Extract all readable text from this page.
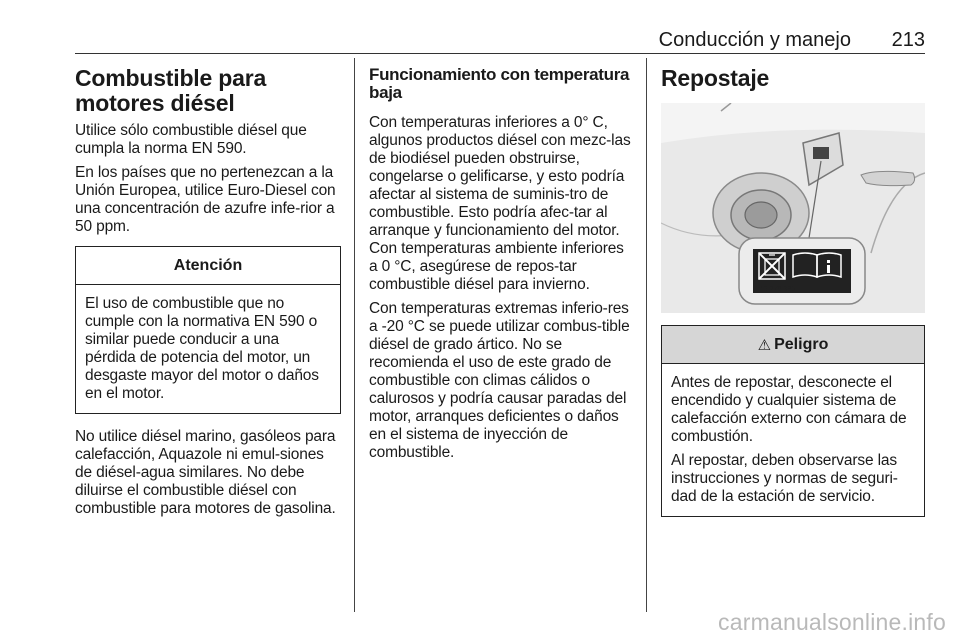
Conducción y manejo 213
Combustible para motores diésel

Utilice sólo combustible diésel que cumpla la norma EN 590.

En los países que no pertenezcan a la Unión Europea, utilice Euro-Diesel con una concentración de azufre infe-rior a 50 ppm.

Atención

El uso de combustible que no cumple con la normativa EN 590 o similar puede conducir a una pérdida de potencia del motor, un desgaste mayor del motor o daños en el motor.

No utilice diésel marino, gasóleos para calefacción, Aquazole ni emul-siones de diésel-agua similares. No debe diluirse el combustible diésel con combustible para motores de gasolina.

Funcionamiento con temperatura baja

Con temperaturas inferiores a 0° C, algunos productos diésel con mezc-las de biodiésel pueden obstruirse, congelarse o gelificarse, y esto podría afectar al sistema de suminis-tro de combustible. Esto podría afec-tar al arranque y funcionamiento del motor. Con temperaturas ambiente inferiores a 0 °C, asegúrese de repos-tar combustible diésel para invierno.

Con temperaturas extremas inferio-res a -20 °C se puede utilizar combus-tible diésel de grado ártico. No se recomienda el uso de este grado de combustible con climas cálidos o calurosos y podría causar paradas del motor, arranques deficientes o daños en el sistema de inyección de combustible.

Repostaje
13 278 390
⚠ Peligro

Antes de repostar, desconecte el encendido y cualquier sistema de calefacción externo con cámara de combustión.

Al repostar, deben observarse las instrucciones y normas de seguri-dad de la estación de servicio.

carmanualsonline.info
